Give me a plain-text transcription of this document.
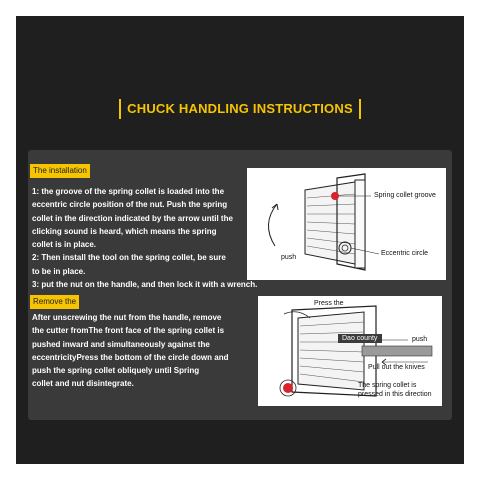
CHUCK HANDLING INSTRUCTIONS
The installation

1: the groove of the spring collet is loaded into the

eccentric circle position of the nut. Push the spring

collet in the direction indicated by the arrow until the

clicking sound is heard, which means the spring

collet is in place.

2: Then install the tool on the spring collet, be sure

to be in place.

3: put the nut on the handle, and then lock it with a wrench.

Spring collet groove
Eccentric circle
push
Remove the

After unscrewing the nut from the handle, remove

the cutter fromThe front face of the spring collet is

pushed inward and simultaneously against the

eccentricityPress the bottom of the circle down and

push the spring collet obliquely until Spring

collet and nut disintegrate.

Press the
push
Dao county
Pull out the knives
The spring collet is
pressed in this direction
